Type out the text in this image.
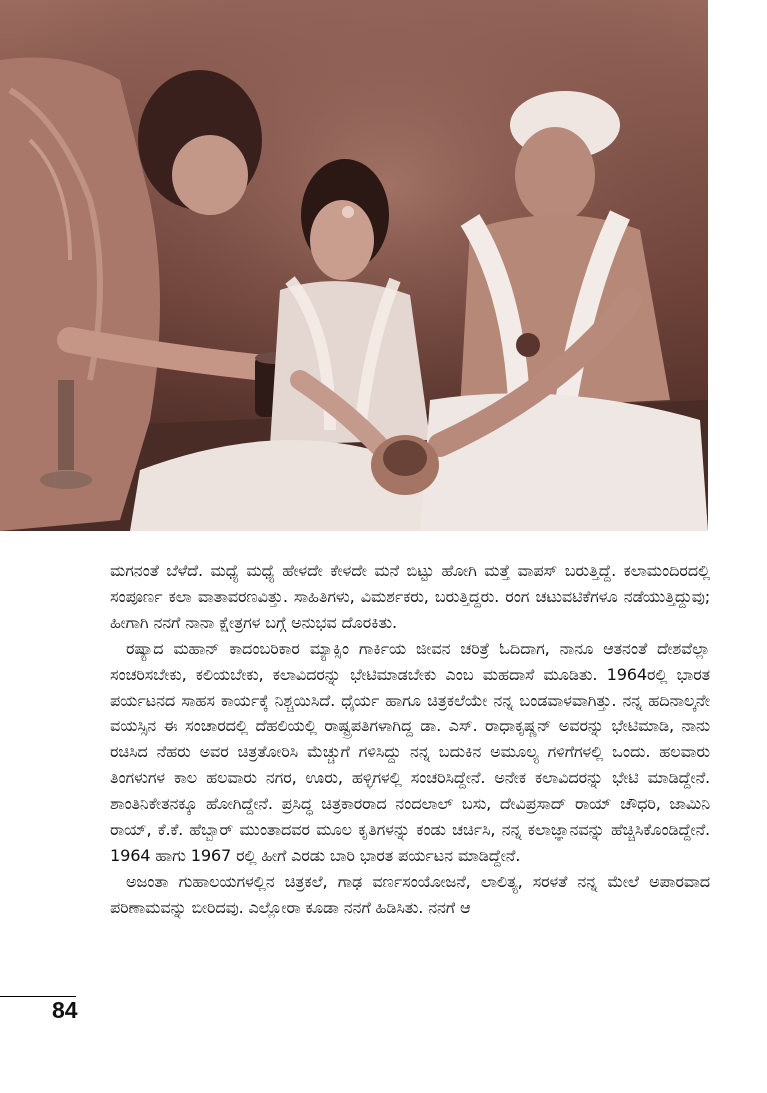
ಮಗನಂತೆ ಬೆಳೆದೆ. ಮಧ್ಯೆ ಮಧ್ಯೆ ಹೇಳದೇ ಕೇಳದೇ ಮನೆ ಬಿಟ್ಟು ಹೋಗಿ ಮತ್ತೆ ವಾಪಸ್ ಬರುತ್ತಿದ್ದೆ. ಕಲಾಮಂದಿರದಲ್ಲಿ ಸಂಪೂರ್ಣ ಕಲಾ ವಾತಾವರಣವಿತ್ತು. ಸಾಹಿತಿಗಳು, ವಿಮರ್ಶಕರು, ಬರುತ್ತಿದ್ದರು. ರಂಗ ಚಟುವಟಿಕೆಗಳೂ ನಡೆಯುತ್ತಿದ್ದುವು; ಹೀಗಾಗಿ ನನಗೆ ನಾನಾ ಕ್ಷೇತ್ರಗಳ ಬಗ್ಗೆ ಅನುಭವ ದೊರಕಿತು.

ರಷ್ಯಾದ ಮಹಾನ್ ಕಾದಂಬರಿಕಾರ ಮ್ಯಾಕ್ಸಿಂ ಗಾರ್ಕಿಯ ಜೀವನ ಚರಿತ್ರೆ ಓದಿದಾಗ, ನಾನೂ ಆತನಂತೆ ದೇಶವೆಲ್ಲಾ ಸಂಚರಿಸಬೇಕು, ಕಲಿಯಬೇಕು, ಕಲಾವಿದರನ್ನು ಭೇಟಿಮಾಡಬೇಕು ಎಂಬ ಮಹದಾಸೆ ಮೂಡಿತು. 1964ರಲ್ಲಿ ಭಾರತ ಪರ್ಯಟನದ ಸಾಹಸ ಕಾರ್ಯಕ್ಕೆ ನಿಶ್ಚಯಿಸಿದೆ. ಧೈರ್ಯ ಹಾಗೂ ಚಿತ್ರಕಲೆಯೇ ನನ್ನ ಬಂಡವಾಳವಾಗಿತ್ತು. ನನ್ನ ಹದಿನಾಲ್ಕನೇ ವಯಸ್ಸಿನ ಈ ಸಂಚಾರದಲ್ಲಿ ದೆಹಲಿಯಲ್ಲಿ ರಾಷ್ಟ್ರಪತಿಗಳಾಗಿದ್ದ ಡಾ. ಎಸ್. ರಾಧಾಕೃಷ್ಣನ್ ಅವರನ್ನು ಭೇಟಿಮಾಡಿ, ನಾನು ರಚಿಸಿದ ನೆಹರು ಅವರ ಚಿತ್ರತೋರಿಸಿ ಮೆಚ್ಚುಗೆ ಗಳಿಸಿದ್ದು ನನ್ನ ಬದುಕಿನ ಅಮೂಲ್ಯ ಗಳಿಗೆಗಳಲ್ಲಿ ಒಂದು. ಹಲವಾರು ತಿಂಗಳುಗಳ ಕಾಲ ಹಲವಾರು ನಗರ, ಊರು, ಹಳ್ಳಿಗಳಲ್ಲಿ ಸಂಚರಿಸಿದ್ದೇನೆ. ಅನೇಕ ಕಲಾವಿದರನ್ನು ಭೇಟಿ ಮಾಡಿದ್ದೇನೆ. ಶಾಂತಿನಿಕೇತನಕ್ಕೂ ಹೋಗಿದ್ದೇನೆ. ಪ್ರಸಿದ್ಧ ಚಿತ್ರಕಾರರಾದ ನಂದಲಾಲ್ ಬಸು, ದೇವಿಪ್ರಸಾದ್ ರಾಯ್ ಚೌಧರಿ, ಜಾಮಿನಿ ರಾಯ್, ಕೆ.ಕೆ. ಹೆಬ್ಬಾರ್ ಮುಂತಾದವರ ಮೂಲ ಕೃತಿಗಳನ್ನು ಕಂಡು ಚರ್ಚಿಸಿ, ನನ್ನ ಕಲಾಜ್ಞಾನವನ್ನು ಹೆಚ್ಚಿಸಿಕೊಂಡಿದ್ದೇನೆ. 1964 ಹಾಗು 1967 ರಲ್ಲಿ ಹೀಗೆ ಎರಡು ಬಾರಿ ಭಾರತ ಪರ್ಯಟನ ಮಾಡಿದ್ದೇನೆ.

ಅಜಂತಾ ಗುಹಾಲಯಗಳಲ್ಲಿನ ಚಿತ್ರಕಲೆ, ಗಾಢ ವರ್ಣಸಂಯೋಜನೆ, ಲಾಲಿತ್ಯ, ಸರಳತೆ ನನ್ನ ಮೇಲೆ ಅಪಾರವಾದ ಪರಿಣಾಮವನ್ನು ಬೀರಿದವು. ಎಲ್ಲೋರಾ ಕೂಡಾ ನನಗೆ ಹಿಡಿಸಿತು. ನನಗೆ ಆ

84
